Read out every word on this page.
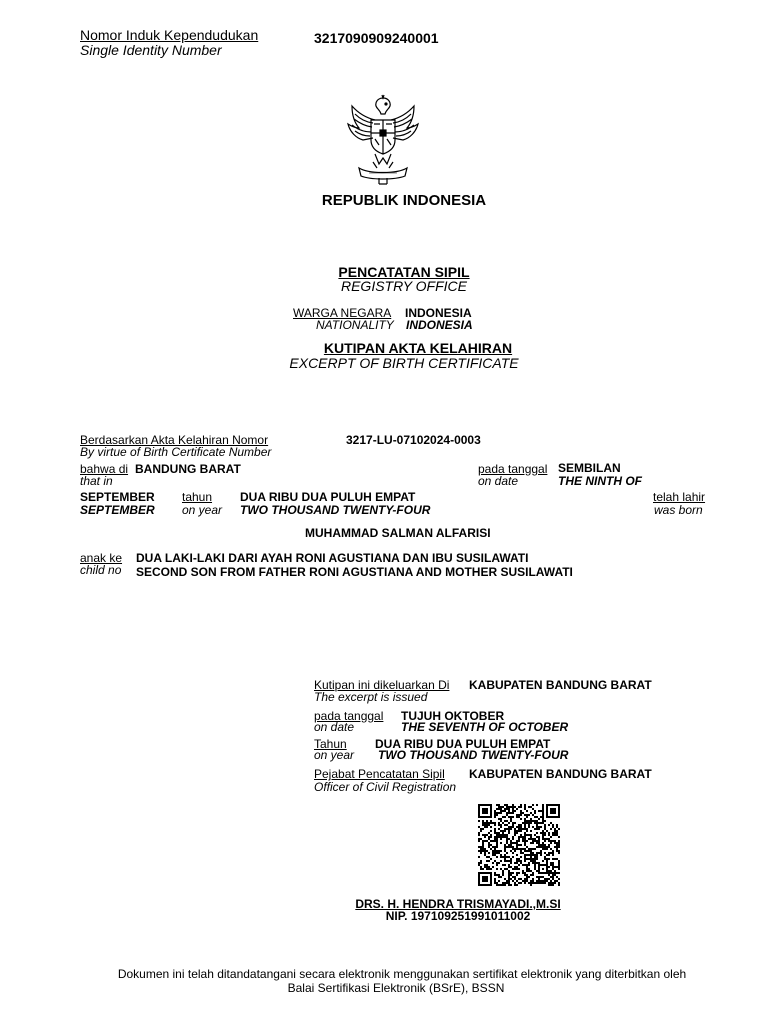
Nomor Induk Kependudukan
Single Identity Number
3217090909240001
REPUBLIK INDONESIA
PENCATATAN SIPIL
REGISTRY OFFICE
WARGA NEGARA
NATIONALITY
INDONESIA
INDONESIA
KUTIPAN AKTA KELAHIRAN
EXCERPT OF BIRTH CERTIFICATE
Berdasarkan Akta Kelahiran Nomor
By virtue of Birth Certificate Number
3217-LU-07102024-0003
bahwa di
that in
BANDUNG BARAT	pada tanggal
on date
SEMBILAN
THE NINTH OF
SEPTEMBER
SEPTEMBER
tahun
on year
DUA RIBU DUA PULUH EMPAT
TWO THOUSAND TWENTY-FOUR
telah lahir
was born
MUHAMMAD SALMAN ALFARISI
anak ke
child no
DUA LAKI-LAKI DARI AYAH RONI AGUSTIANA DAN IBU SUSILAWATI
SECOND SON FROM FATHER RONI AGUSTIANA AND MOTHER SUSILAWATI
Kutipan ini dikeluarkan Di
The excerpt is issued
KABUPATEN BANDUNG BARAT
pada tanggal
on date
TUJUH OKTOBER
THE SEVENTH OF OCTOBER
Tahun
on year
DUA RIBU DUA PULUH EMPAT
TWO THOUSAND TWENTY-FOUR
Pejabat Pencatatan Sipil
Officer of Civil Registration
KABUPATEN BANDUNG BARAT
DRS. H. HENDRA TRISMAYADI.,M.SI
NIP. 197109251991011002
Dokumen ini telah ditandatangani secara elektronik menggunakan sertifikat elektronik yang diterbitkan oleh
Balai Sertifikasi Elektronik (BSrE), BSSN
